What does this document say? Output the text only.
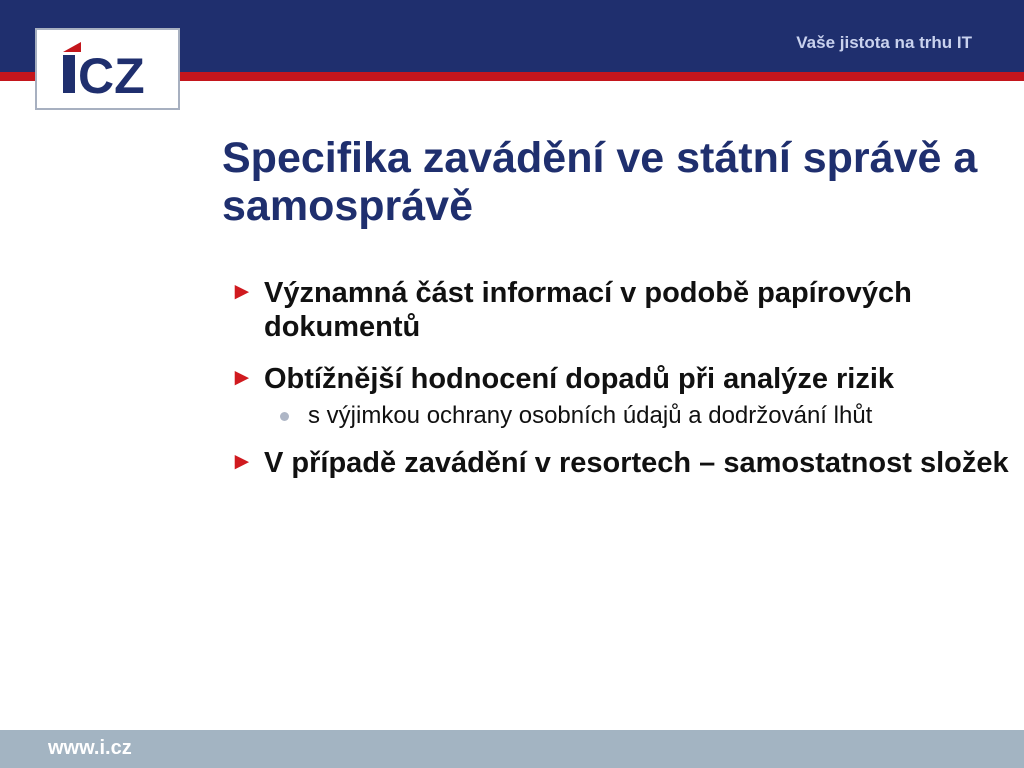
Vaše jistota na trhu IT
CZ
Specifika zavádění ve státní správě a samosprávě
► Významná část informací v podobě papírových dokumentů
► Obtížnější hodnocení dopadů při analýze rizik
s výjimkou ochrany osobních údajů a dodržování lhůt
► V případě zavádění v resortech – samostatnost složek
www.i.cz
